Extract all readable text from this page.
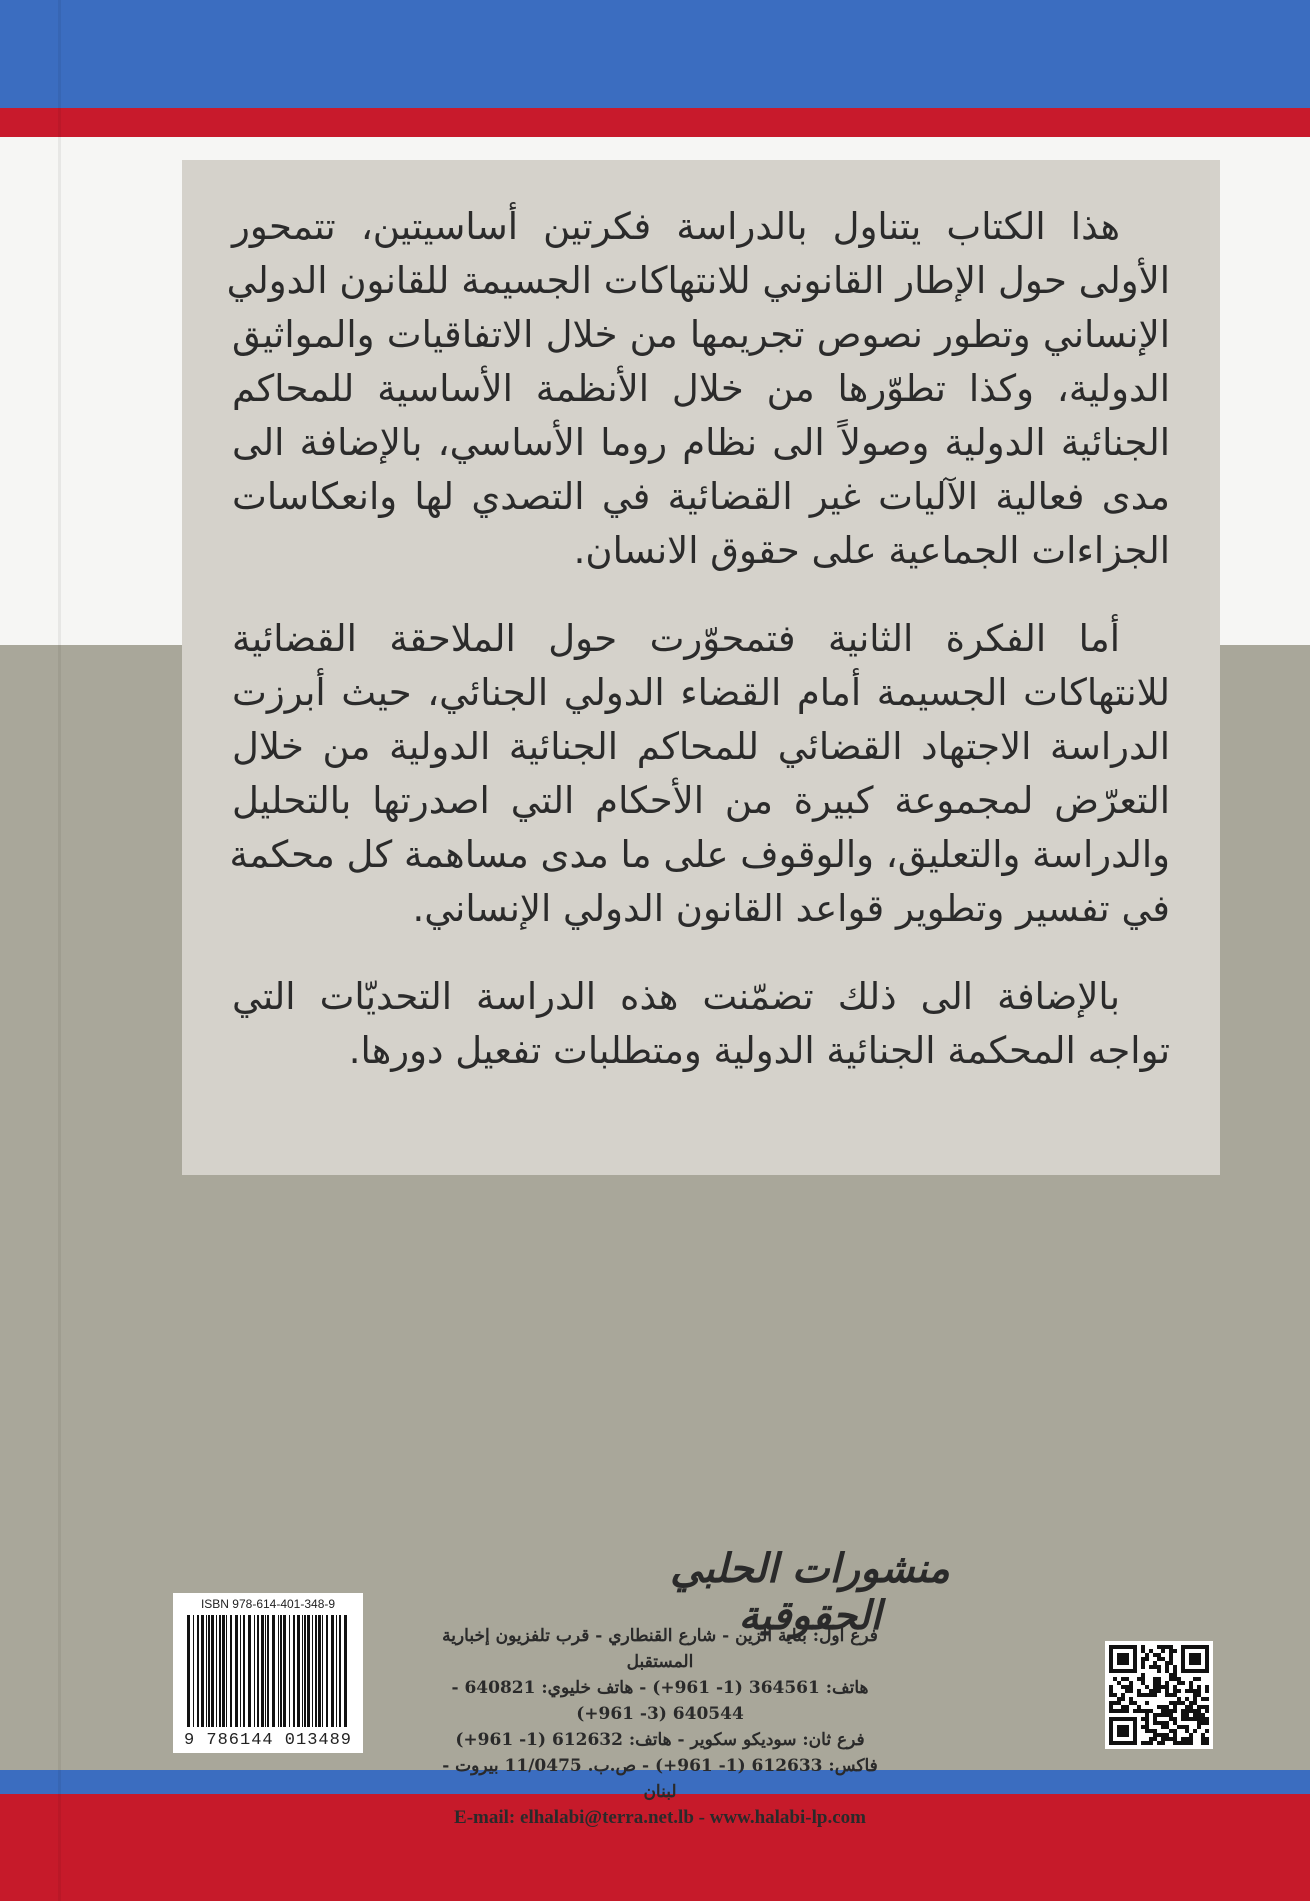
هذا الكتاب يتناول بالدراسة فكرتين أساسيتين، تتمحور
الأولى حول الإطار القانوني للانتهاكات الجسيمة للقانون الدولي
الإنساني وتطور نصوص تجريمها من خلال الاتفاقيات والمواثيق
الدولية، وكذا تطوّرها من خلال الأنظمة الأساسية للمحاكم
الجنائية الدولية وصولاً الى نظام روما الأساسي، بالإضافة الى
مدى فعالية الآليات غير القضائية في التصدي لها وانعكاسات
الجزاءات الجماعية على حقوق الانسان.
أما الفكرة الثانية فتمحوّرت حول الملاحقة القضائية
للانتهاكات الجسيمة أمام القضاء الدولي الجنائي، حيث أبرزت
الدراسة الاجتهاد القضائي للمحاكم الجنائية الدولية من خلال
التعرّض لمجموعة كبيرة من الأحكام التي اصدرتها بالتحليل
والدراسة والتعليق، والوقوف على ما مدى مساهمة كل محكمة
في تفسير وتطوير قواعد القانون الدولي الإنساني.
بالإضافة الى ذلك تضمّنت هذه الدراسة التحديّات التي
تواجه المحكمة الجنائية الدولية ومتطلبات تفعيل دورها.
منشورات الحلبي الحقوقية
فرع اول: بناية الزين - شارع القنطاري - قرب تلفزيون إخبارية المستقبل
هاتف: 364561 (1- 961+) - هاتف خليوي: 640821 - 640544 (3- 961+)
فرع ثان: سوديكو سكوير - هاتف: 612632 (1- 961+)
فاكس: 612633 (1- 961+) - ص.ب. 11/0475 بيروت - لبنان
E-mail: elhalabi@terra.net.lb - www.halabi-lp.com
ISBN 978-614-401-348-9
9 786144 013489
